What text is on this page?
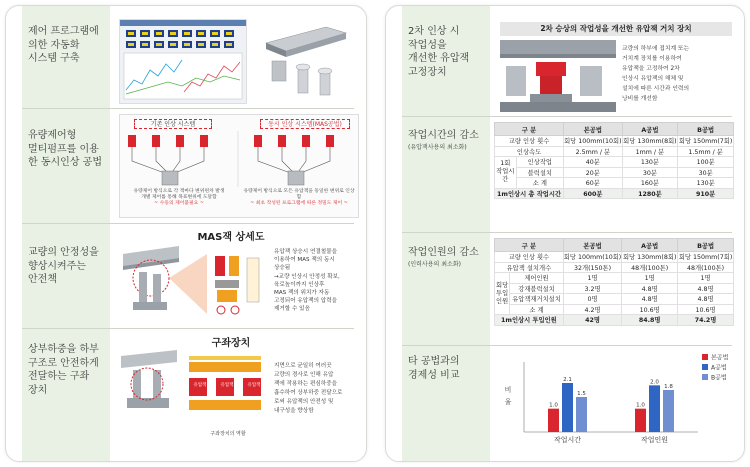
제어 프로그램에
의한 자동화
시스템 구축
유량제어형
멀티펌프를 이용
한 동시인상 공법
기존 인상 시스템	동시 인상 시스템(MAS공법)
유량제어 방식으로 각 잭마다 변위편차 발생
개별 제어를 통해 목표변위에 도달함
~ 수동의 제어불필요 ~
유량제어 방식으로 모든 유압잭을 동일한 변위로 인상함
~ 최초 작성된 프로그램에 따른 정밀도 제어 ~
교량의 안정성을
향상시켜주는
안전책
MAS잭 상세도
유압잭 상승시 연결철물을
이용하여 MAS 잭의 동시
상승됨
→교량 인상시 안정성 확보,
육로높이까지 인상후
MAS 잭의 위치가 자동
고정되어 유압잭의 압력을
제거할 수 있음
상부하중을 하부
구조로 안전하게
전달하는 구좌
장치
구좌장치
유압잭	유압잭	유압잭
구좌장치의 역할
지면으로 균일히 여러곳
교량의 경사로 인해 유압
잭에 작용하는 편심하중을
흡수하여 상부하중 전달으로
로써 유압잭의 안전성 및
내구성을 향상함
2차 인상 시
작업성을
개선한 유압잭
고정장치
2차 승상의 작업성을 개선한 유압잭 거치 장치
교량의 하부에 접치계 또는
거치계 장치를 이용하여
유압잭을 고정하여 2차
인상시 유압잭의 해체 및
설치에 따른 시간과 인력의
낭비를 개선함
작업시간의 감소
(유압잭사용의 최소화)
구 분		본공법	A공법	B공법
교량 인상 횟수		회당 100mm(10회)	회당 130mm(8회)	회당 150mm(7회)
인상속도		2.5mm / 분	1mm / 분	1.5mm / 분
1회
작업시간	인상작업	40분	130분	100분
	블럭설치	20분	30분	30분
	소 계	60분	160분	130분
1m인상시 총 작업시간		600분	1280분	910분
작업인원의 감소
(인력사용의 최소화)
구 분		본공법	A공법	B공법
교량 인상 횟수		회당 100mm(10회)	회당 130mm(8회)	회당 150mm(7회)
유압잭 설치개수		32개(150톤)	48개(100톤)	48개(100톤)
회당
투입
인원	제어인원	1명	1명	1명
	강재블럭설치	3.2명	4.8명	4.8명
	유압잭재거치설치	0명	4.8명	4.8명
	소 계	4.2명	10.6명	10.6명
1m인상시 투입인원		42명	84.8명	74.2명
타 공법과의
경제성 비교
비
율	1.0
2.1
1.5
작업시간
1.0
2.0
1.8
작업인원
본공법
A공법
B공법
